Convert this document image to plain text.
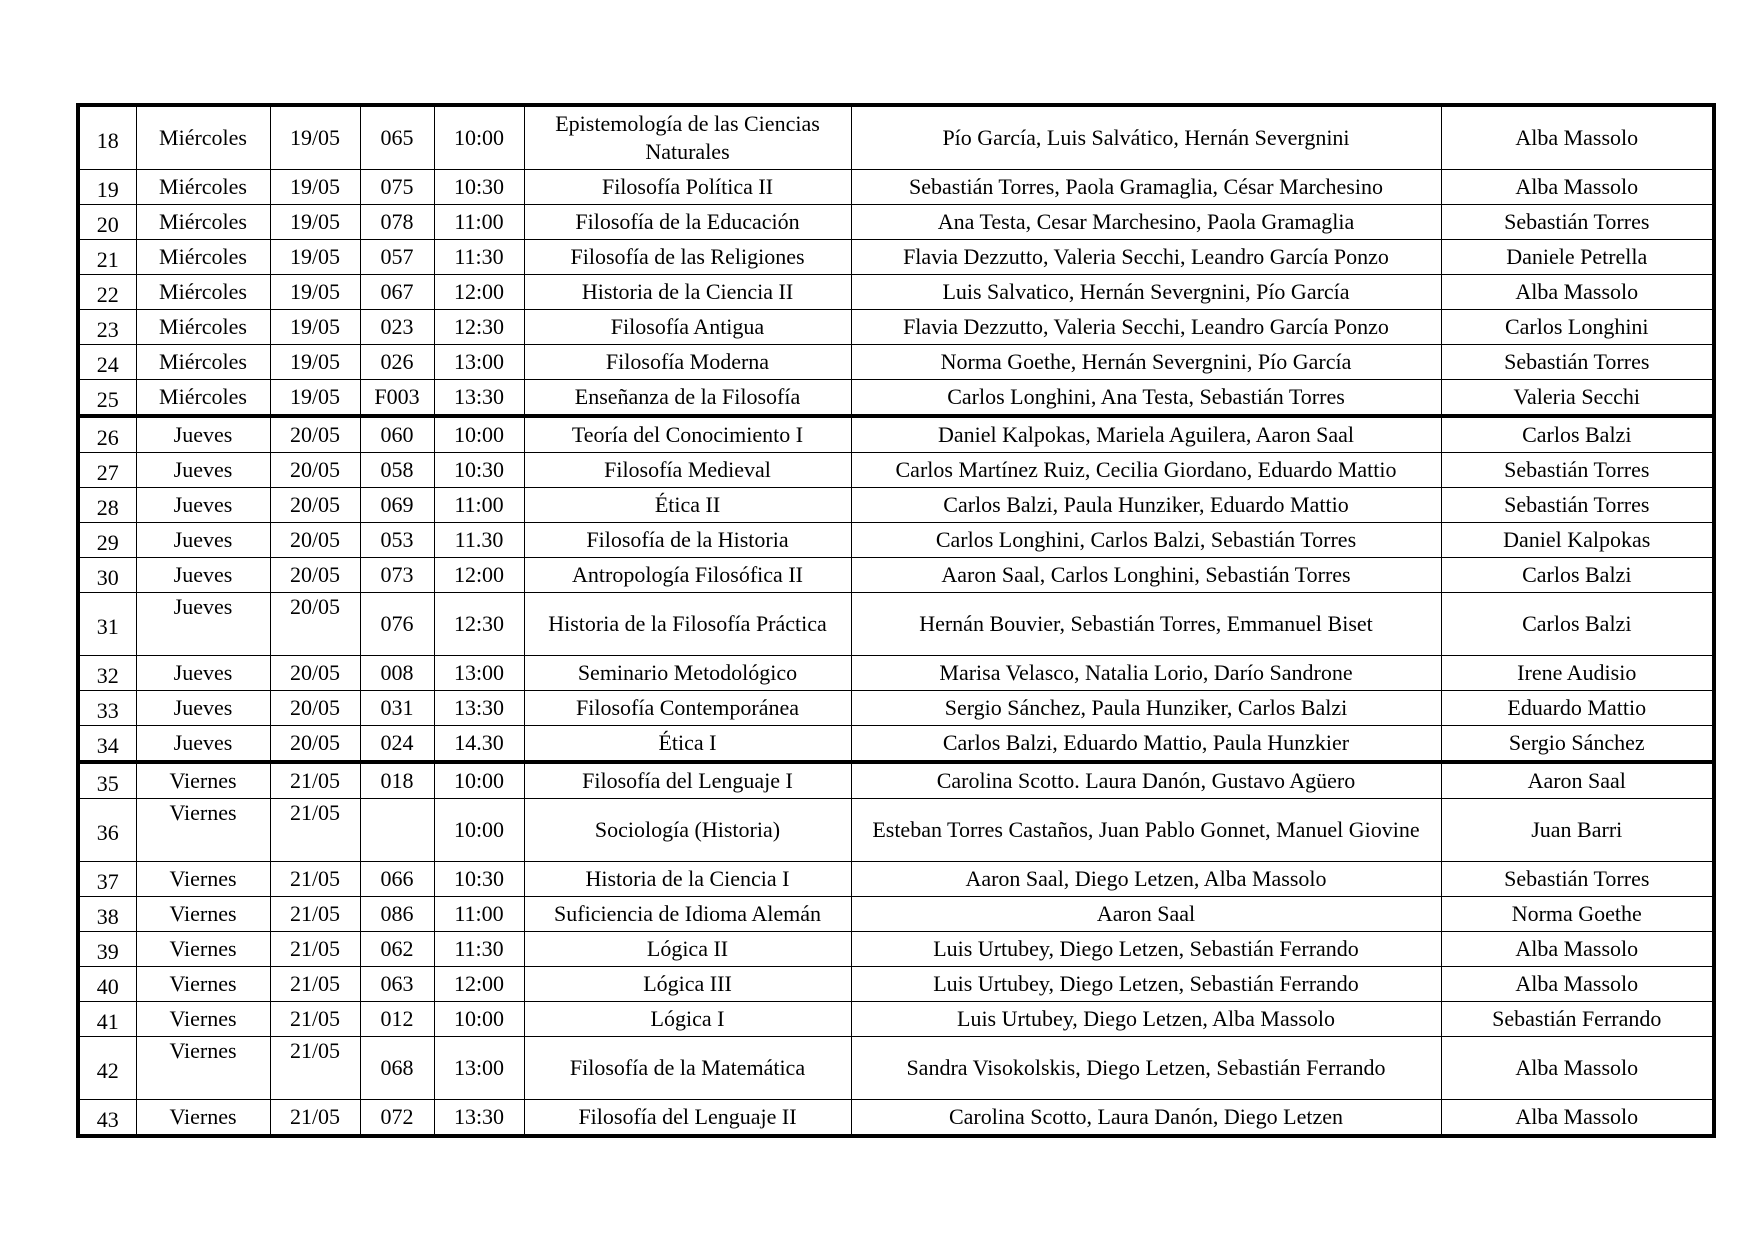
18	Miércoles	19/05	065	10:00	Epistemología de las Ciencias Naturales	Pío García, Luis Salvático, Hernán Severgnini	Alba Massolo
19	Miércoles	19/05	075	10:30	Filosofía Política II	Sebastián Torres, Paola Gramaglia, César Marchesino	Alba Massolo
20	Miércoles	19/05	078	11:00	Filosofía de la Educación	Ana Testa, Cesar Marchesino, Paola Gramaglia	Sebastián Torres
21	Miércoles	19/05	057	11:30	Filosofía de las Religiones	Flavia Dezzutto, Valeria Secchi, Leandro García Ponzo	Daniele Petrella
22	Miércoles	19/05	067	12:00	Historia de la Ciencia II	Luis Salvatico, Hernán Severgnini, Pío García	Alba Massolo
23	Miércoles	19/05	023	12:30	Filosofía Antigua	Flavia Dezzutto, Valeria Secchi, Leandro García Ponzo	Carlos Longhini
24	Miércoles	19/05	026	13:00	Filosofía Moderna	Norma Goethe, Hernán Severgnini, Pío García	Sebastián Torres
25	Miércoles	19/05	F003	13:30	Enseñanza de la Filosofía	Carlos Longhini, Ana Testa, Sebastián Torres	Valeria Secchi
26	Jueves	20/05	060	10:00	Teoría del Conocimiento I	Daniel Kalpokas, Mariela Aguilera, Aaron Saal	Carlos Balzi
27	Jueves	20/05	058	10:30	Filosofía Medieval	Carlos Martínez Ruiz, Cecilia Giordano, Eduardo Mattio	Sebastián Torres
28	Jueves	20/05	069	11:00	Ética II	Carlos Balzi, Paula Hunziker, Eduardo Mattio	Sebastián Torres
29	Jueves	20/05	053	11.30	Filosofía de la Historia	Carlos Longhini, Carlos Balzi, Sebastián Torres	Daniel Kalpokas
30	Jueves	20/05	073	12:00	Antropología Filosófica II	Aaron Saal, Carlos Longhini, Sebastián Torres	Carlos Balzi
31	Jueves	20/05	076	12:30	Historia de la Filosofía Práctica	Hernán Bouvier, Sebastián Torres, Emmanuel Biset	Carlos Balzi
32	Jueves	20/05	008	13:00	Seminario Metodológico	Marisa Velasco, Natalia Lorio, Darío Sandrone	Irene Audisio
33	Jueves	20/05	031	13:30	Filosofía Contemporánea	Sergio Sánchez, Paula Hunziker, Carlos Balzi	Eduardo Mattio
34	Jueves	20/05	024	14.30	Ética I	Carlos Balzi, Eduardo Mattio, Paula Hunzkier	Sergio Sánchez
35	Viernes	21/05	018	10:00	Filosofía del Lenguaje I	Carolina Scotto. Laura Danón, Gustavo Agüero	Aaron Saal
36	Viernes	21/05		10:00	Sociología (Historia)	Esteban Torres Castaños, Juan Pablo Gonnet, Manuel Giovine	Juan Barri
37	Viernes	21/05	066	10:30	Historia de la Ciencia I	Aaron Saal, Diego Letzen, Alba Massolo	Sebastián Torres
38	Viernes	21/05	086	11:00	Suficiencia de Idioma Alemán	Aaron Saal	Norma Goethe
39	Viernes	21/05	062	11:30	Lógica II	Luis Urtubey, Diego Letzen, Sebastián Ferrando	Alba Massolo
40	Viernes	21/05	063	12:00	Lógica III	Luis Urtubey, Diego Letzen, Sebastián Ferrando	Alba Massolo
41	Viernes	21/05	012	10:00	Lógica I	Luis Urtubey, Diego Letzen, Alba Massolo	Sebastián Ferrando
42	Viernes	21/05	068	13:00	Filosofía de la Matemática	Sandra Visokolskis, Diego Letzen, Sebastián Ferrando	Alba Massolo
43	Viernes	21/05	072	13:30	Filosofía del Lenguaje II	Carolina Scotto, Laura Danón, Diego Letzen	Alba Massolo
